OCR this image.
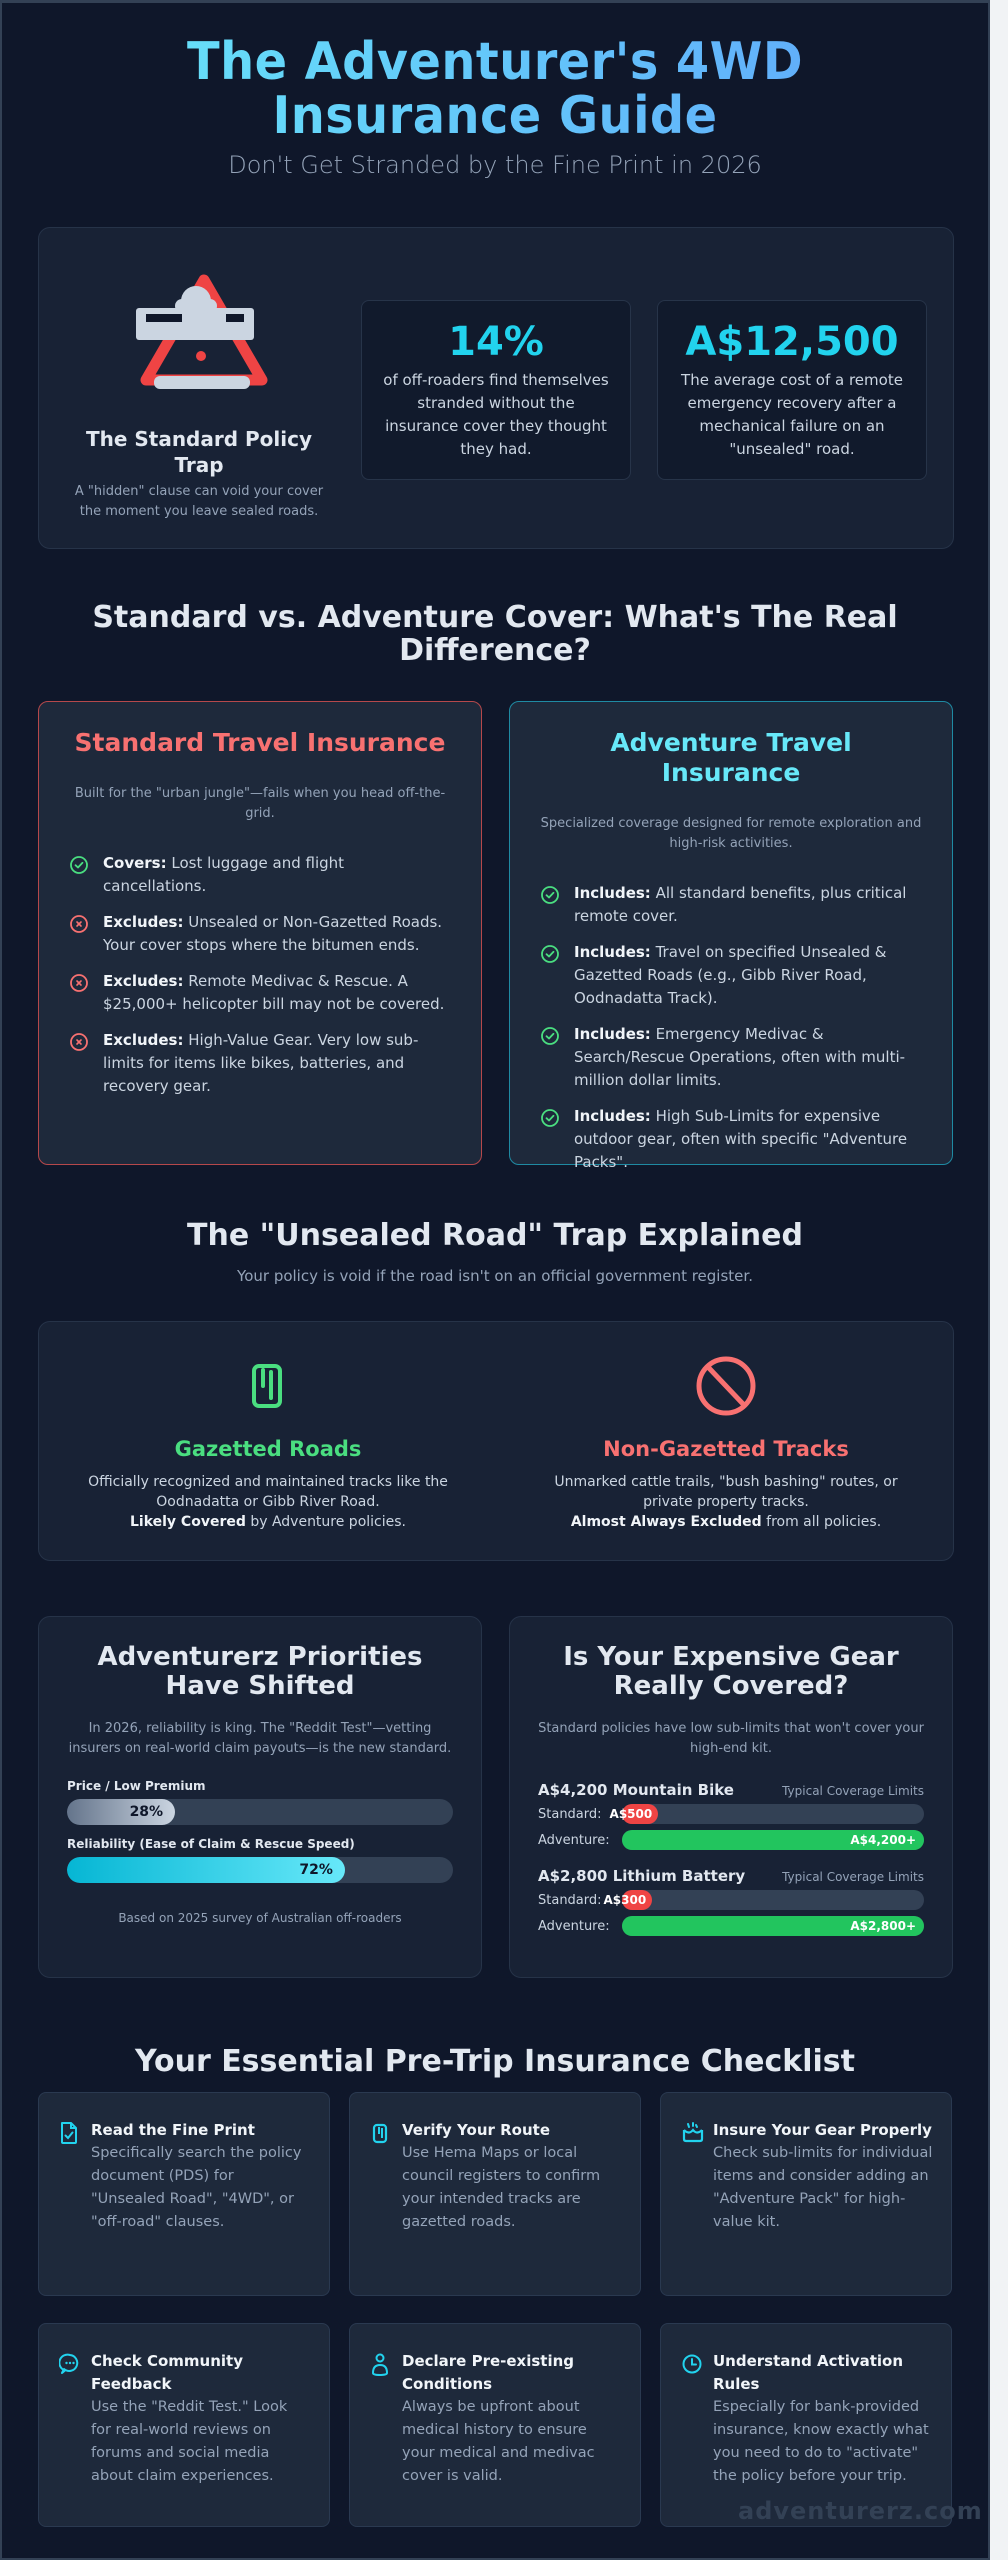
The Adventurer's 4WD
Insurance Guide
Don't Get Stranded by the Fine Print in 2026
The Standard Policy Trap

A "hidden" clause can void your cover the moment you leave sealed roads.

14%
of off-roaders find themselves stranded without the insurance cover they thought they had.
A$12,500
The average cost of a remote emergency recovery after a mechanical failure on an "unsealed" road.
Standard vs. Adventure Cover: What's The Real Difference?
Standard Travel Insurance

Built for the "urban jungle"—fails when you head off-the-grid.

Covers: Lost luggage and flight cancellations.
Excludes: Unsealed or Non-Gazetted Roads. Your cover stops where the bitumen ends.
Excludes: Remote Medivac & Rescue. A $25,000+ helicopter bill may not be covered.
Excludes: High-Value Gear. Very low sub-limits for items like bikes, batteries, and recovery gear.
Adventure Travel Insurance

Specialized coverage designed for remote exploration and high-risk activities.

Includes: All standard benefits, plus critical remote cover.
Includes: Travel on specified Unsealed & Gazetted Roads (e.g., Gibb River Road, Oodnadatta Track).
Includes: Emergency Medivac & Search/Rescue Operations, often with multi-million dollar limits.
Includes: High Sub-Limits for expensive outdoor gear, often with specific "Adventure Packs".
The "Unsealed Road" Trap Explained
Your policy is void if the road isn't on an official government register.
Gazetted Roads

Officially recognized and maintained tracks like the Oodnadatta or Gibb River Road.
Likely Covered by Adventure policies.

Non-Gazetted Tracks

Unmarked cattle trails, "bush bashing" routes, or private property tracks.
Almost Always Excluded from all policies.

Adventurerz Priorities Have Shifted

In 2026, reliability is king. The "Reddit Test"—vetting insurers on real-world claim payouts—is the new standard.

Price / Low Premium
28%
Reliability (Ease of Claim & Rescue Speed)
72%

Based on 2025 survey of Australian off-roaders

Is Your Expensive Gear Really Covered?

Standard policies have low sub-limits that won't cover your high-end kit.

A$4,200 Mountain Bike	Typical Coverage Limits
Standard: A$500
Adventure:	A$4,200+
A$2,800 Lithium Battery	Typical Coverage Limits
Standard: A$300
Adventure:	A$2,800+
Your Essential Pre-Trip Insurance Checklist
Read the Fine Print

Specifically search the policy document (PDS) for "Unsealed Road", "4WD", or "off-road" clauses.

Verify Your Route

Use Hema Maps or local council registers to confirm your intended tracks are gazetted roads.

Insure Your Gear Properly

Check sub-limits for individual items and consider adding an "Adventure Pack" for high-value kit.

Check Community Feedback

Use the "Reddit Test." Look for real-world reviews on forums and social media about claim experiences.

Declare Pre-existing Conditions

Always be upfront about medical history to ensure your medical and medivac cover is valid.

Understand Activation Rules

Especially for bank-provided insurance, know exactly what you need to do to "activate" the policy before your trip.

adventurerz.com
